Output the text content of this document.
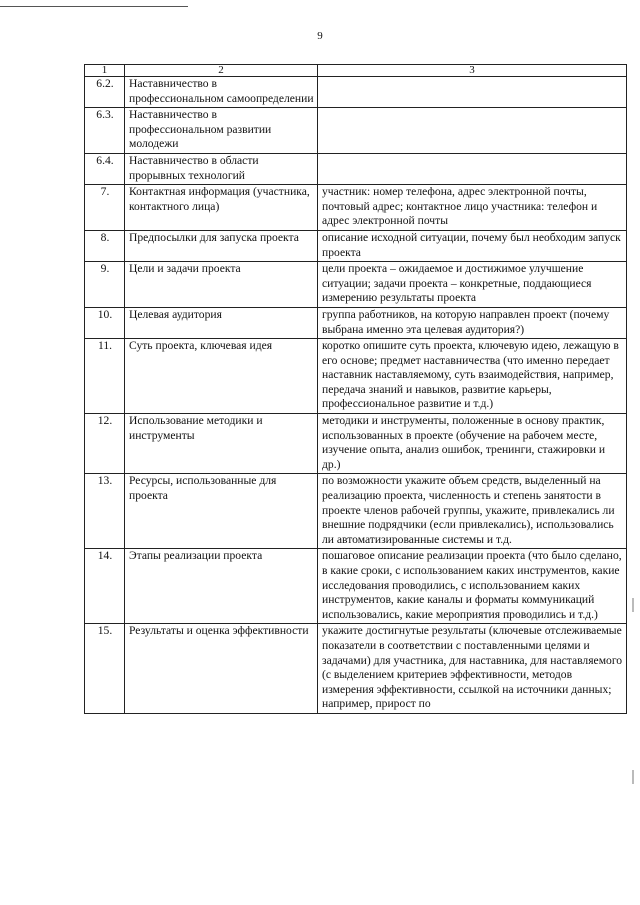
9
1	2	3
6.2.	Наставничество в профессиональном самоопределении	
6.3.	Наставничество в профессиональном развитии молодежи	
6.4.	Наставничество в области прорывных технологий	
7.	Контактная информация (участника, контактного лица)	участник: номер телефона, адрес электронной почты, почтовый адрес; контактное лицо участника: телефон и адрес электронной почты
8.	Предпосылки для запуска проекта	описание исходной ситуации, почему был необходим запуск проекта
9.	Цели и задачи проекта	цели проекта – ожидаемое и достижимое улучшение ситуации; задачи проекта – конкретные, поддающиеся измерению результаты проекта
10.	Целевая аудитория	группа работников, на которую направлен проект (почему выбрана именно эта целевая аудитория?)
11.	Суть проекта, ключевая идея	коротко опишите суть проекта, ключевую идею, лежащую в его основе; предмет наставничества (что именно передает наставник наставляемому, суть взаимодействия, например, передача знаний и навыков, развитие карьеры, профессиональное развитие и т.д.)
12.	Использование методики и инструменты	методики и инструменты, положенные в основу практик, использованных в проекте (обучение на рабочем месте, изучение опыта, анализ ошибок, тренинги, стажировки и др.)
13.	Ресурсы, использованные для проекта	по возможности укажите объем средств, выделенный на реализацию проекта, численность и степень занятости в проекте членов рабочей группы, укажите, привлекались ли внешние подрядчики (если привлекались), использовались ли автоматизированные системы и т.д.
14.	Этапы реализации проекта	пошаговое описание реализации проекта (что было сделано, в какие сроки, с использованием каких инструментов, какие исследования проводились, с использованием каких инструментов, какие каналы и форматы коммуникаций использовались, какие мероприятия проводились и т.д.)
15.	Результаты и оценка эффективности	укажите достигнутые результаты (ключевые отслеживаемые показатели в соответствии с поставленными целями и задачами) для участника, для наставника, для наставляемого (с выделением критериев эффективности, методов измерения эффективности, ссылкой на источники данных; например, прирост по
